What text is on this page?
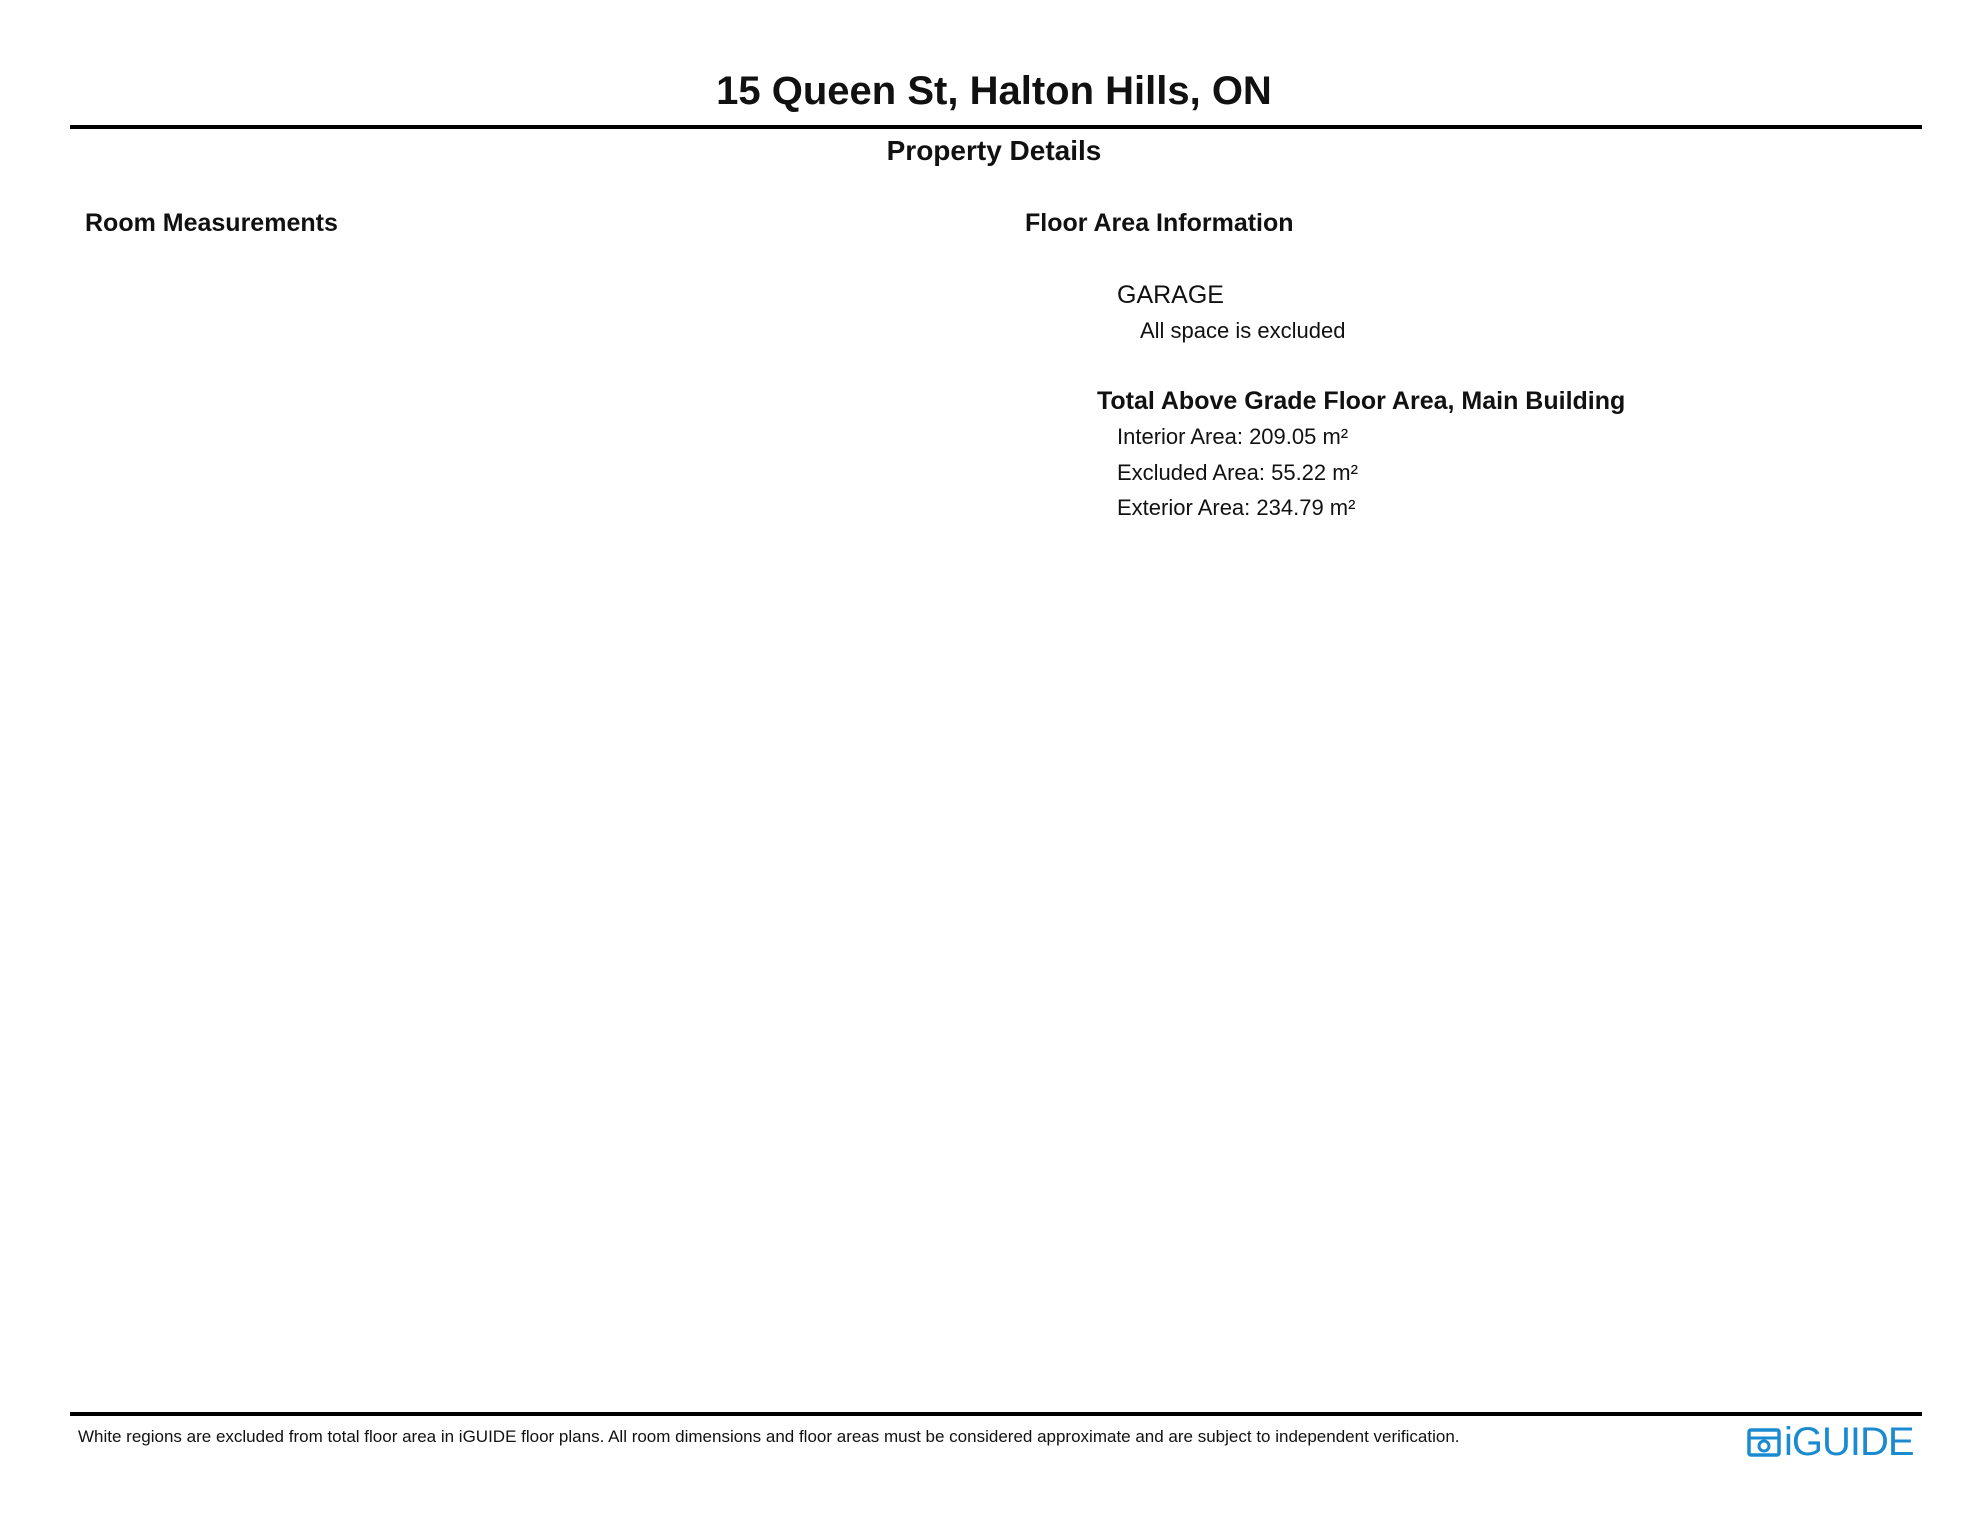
15 Queen St, Halton Hills, ON
Property Details
Room Measurements	Floor Area Information
GARAGE
All space is excluded
Total Above Grade Floor Area, Main Building
Interior Area: 209.05 m²
Excluded Area: 55.22 m²
Exterior Area: 234.79 m²
White regions are excluded from total floor area in iGUIDE floor plans. All room dimensions and floor areas must be considered approximate and are subject to independent verification.	iGUIDE
